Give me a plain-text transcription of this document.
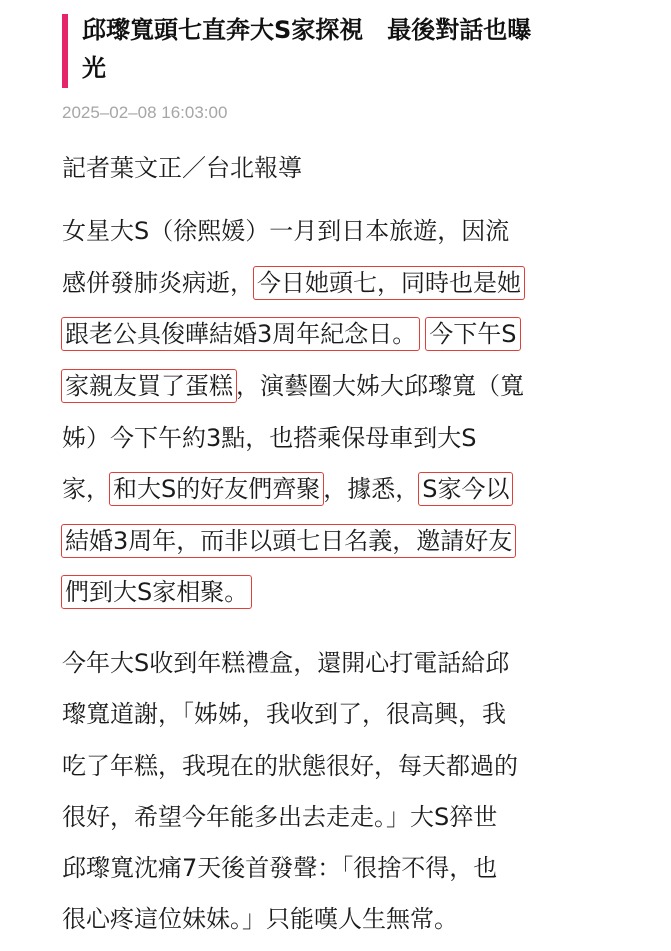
邱瓈寬頭七直奔大S家探視　最後對話也曝
光
2025–02–08 16:03:00
記者葉文正／台北報導
女星大S（徐熙媛）一月到日本旅遊，因流
感併發肺炎病逝， 今日她頭七，同時也是她
跟老公具俊曄結婚3周年紀念日。 今下午S
家親友買了蛋糕 ，演藝圈大姊大邱瓈寬（寬
姊）今下午約3點，也搭乘保母車到大S
家， 和大S的好友們齊聚 ，據悉， S家今以
結婚3周年，而非以頭七日名義，邀請好友
們到大S家相聚。
今年大S收到年糕禮盒，還開心打電話給邱
瓈寬道謝，「姊姊，我收到了，很高興，我
吃了年糕，我現在的狀態很好，每天都過的
很好，希望今年能多出去走走。」大S猝世
邱瓈寬沈痛7天後首發聲：「很捨不得，也
很心疼這位妹妹。」只能嘆人生無常。
